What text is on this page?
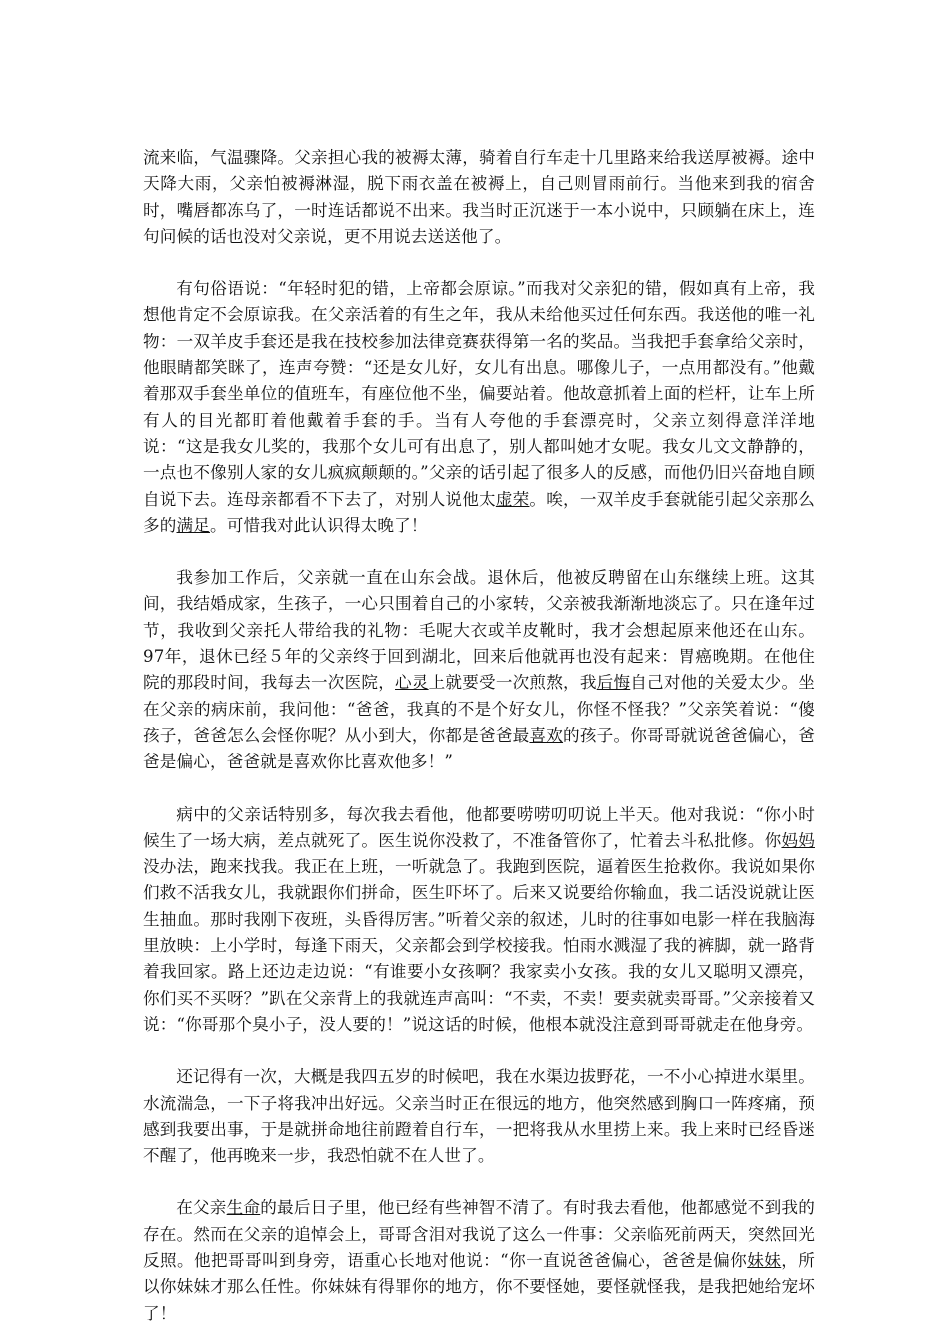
流来临，气温骤降。父亲担心我的被褥太薄，骑着自行车走十几里路来给我送厚被褥。途中天降大雨，父亲怕被褥淋湿，脱下雨衣盖在被褥上，自己则冒雨前行。当他来到我的宿舍时，嘴唇都冻乌了，一时连话都说不出来。我当时正沉迷于一本小说中，只顾躺在床上，连句问候的话也没对父亲说，更不用说去送送他了。

有句俗语说：“年轻时犯的错，上帝都会原谅。”而我对父亲犯的错，假如真有上帝，我想他肯定不会原谅我。在父亲活着的有生之年，我从未给他买过任何东西。我送他的唯一礼物：一双羊皮手套还是我在技校参加法律竞赛获得第一名的奖品。当我把手套拿给父亲时，他眼睛都笑眯了，连声夸赞：“还是女儿好，女儿有出息。哪像儿子，一点用都没有。”他戴着那双手套坐单位的值班车，有座位他不坐，偏要站着。他故意抓着上面的栏杆，让车上所有人的目光都盯着他戴着手套的手。当有人夸他的手套漂亮时，父亲立刻得意洋洋地说：“这是我女儿奖的，我那个女儿可有出息了，别人都叫她才女呢。我女儿文文静静的，一点也不像别人家的女儿疯疯颠颠的。”父亲的话引起了很多人的反感，而他仍旧兴奋地自顾自说下去。连母亲都看不下去了，对别人说他太虚荣。唉，一双羊皮手套就能引起父亲那么多的满足。可惜我对此认识得太晚了！

我参加工作后，父亲就一直在山东会战。退休后，他被反聘留在山东继续上班。这其间，我结婚成家，生孩子，一心只围着自己的小家转，父亲被我渐渐地淡忘了。只在逢年过节，我收到父亲托人带给我的礼物：毛呢大衣或羊皮靴时，我才会想起原来他还在山东。97年，退休已经５年的父亲终于回到湖北，回来后他就再也没有起来：胃癌晚期。在他住院的那段时间，我每去一次医院，心灵上就要受一次煎熬，我后悔自己对他的关爱太少。坐在父亲的病床前，我问他：“爸爸，我真的不是个好女儿，你怪不怪我？”父亲笑着说：“傻孩子，爸爸怎么会怪你呢？从小到大，你都是爸爸最喜欢的孩子。你哥哥就说爸爸偏心，爸爸是偏心，爸爸就是喜欢你比喜欢他多！”

病中的父亲话特别多，每次我去看他，他都要唠唠叨叨说上半天。他对我说：“你小时候生了一场大病，差点就死了。医生说你没救了，不准备管你了，忙着去斗私批修。你妈妈没办法，跑来找我。我正在上班，一听就急了。我跑到医院，逼着医生抢救你。我说如果你们救不活我女儿，我就跟你们拼命，医生吓坏了。后来又说要给你输血，我二话没说就让医生抽血。那时我刚下夜班，头昏得厉害。”听着父亲的叙述，儿时的往事如电影一样在我脑海里放映：上小学时，每逢下雨天，父亲都会到学校接我。怕雨水溅湿了我的裤脚，就一路背着我回家。路上还边走边说：“有谁要小女孩啊？我家卖小女孩。我的女儿又聪明又漂亮，你们买不买呀？”趴在父亲背上的我就连声高叫：“不卖，不卖！要卖就卖哥哥。”父亲接着又说：“你哥那个臭小子，没人要的！”说这话的时候，他根本就没注意到哥哥就走在他身旁。

还记得有一次，大概是我四五岁的时候吧，我在水渠边拔野花，一不小心掉进水渠里。水流湍急，一下子将我冲出好远。父亲当时正在很远的地方，他突然感到胸口一阵疼痛，预感到我要出事，于是就拼命地往前蹬着自行车，一把将我从水里捞上来。我上来时已经昏迷不醒了，他再晚来一步，我恐怕就不在人世了。

在父亲生命的最后日子里，他已经有些神智不清了。有时我去看他，他都感觉不到我的存在。然而在父亲的追悼会上，哥哥含泪对我说了这么一件事：父亲临死前两天，突然回光反照。他把哥哥叫到身旁，语重心长地对他说：“你一直说爸爸偏心，爸爸是偏你妹妹，所以你妹妹才那么任性。你妹妹有得罪你的地方，你不要怪她，要怪就怪我，是我把她给宠坏了！
